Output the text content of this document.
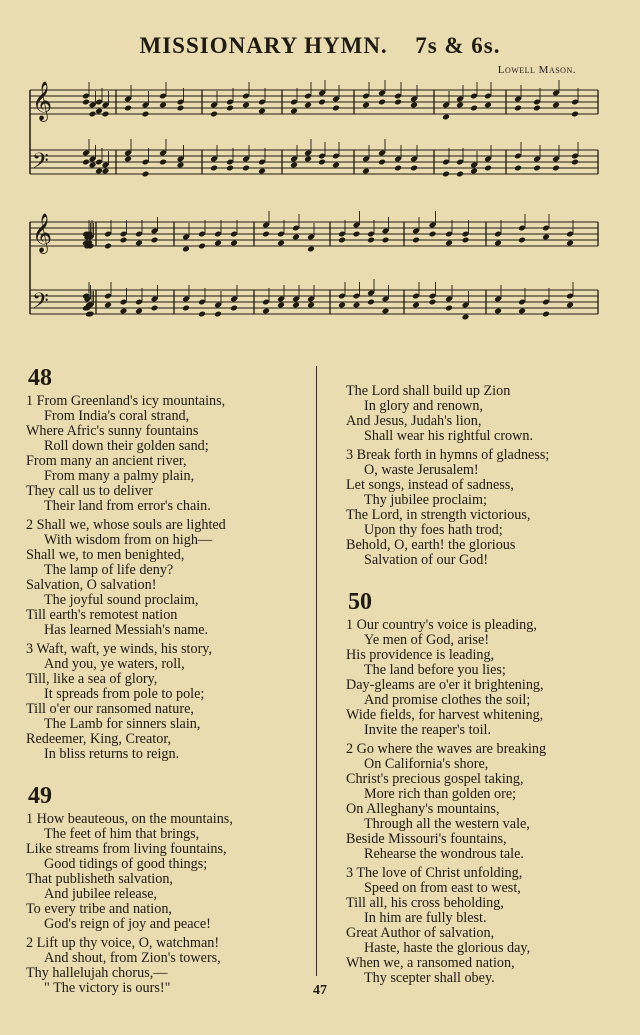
MISSIONARY HYMN. 7s & 6s.
Lowell Mason.
𝄞
𝄢
𝄞
𝄢
48
1 From Greenland's icy mountains,
From India's coral strand,
Where Afric's sunny fountains
Roll down their golden sand;
From many an ancient river,
From many a palmy plain,
They call us to deliver
Their land from error's chain.
2 Shall we, whose souls are lighted
With wisdom from on high—
Shall we, to men benighted,
The lamp of life deny?
Salvation, O salvation!
The joyful sound proclaim,
Till earth's remotest nation
Has learned Messiah's name.
3 Waft, waft, ye winds, his story,
And you, ye waters, roll,
Till, like a sea of glory,
It spreads from pole to pole;
Till o'er our ransomed nature,
The Lamb for sinners slain,
Redeemer, King, Creator,
In bliss returns to reign.
49
1 How beauteous, on the mountains,
The feet of him that brings,
Like streams from living fountains,
Good tidings of good things;
That publisheth salvation,
And jubilee release,
To every tribe and nation,
God's reign of joy and peace!
2 Lift up thy voice, O, watchman!
And shout, from Zion's towers,
Thy hallelujah chorus,—
" The victory is ours!"
The Lord shall build up Zion
In glory and renown,
And Jesus, Judah's lion,
Shall wear his rightful crown.
3 Break forth in hymns of gladness;
O, waste Jerusalem!
Let songs, instead of sadness,
Thy jubilee proclaim;
The Lord, in strength victorious,
Upon thy foes hath trod;
Behold, O, earth! the glorious
Salvation of our God!
50
1 Our country's voice is pleading,
Ye men of God, arise!
His providence is leading,
The land before you lies;
Day-gleams are o'er it brightening,
And promise clothes the soil;
Wide fields, for harvest whitening,
Invite the reaper's toil.
2 Go where the waves are breaking
On California's shore,
Christ's precious gospel taking,
More rich than golden ore;
On Alleghany's mountains,
Through all the western vale,
Beside Missouri's fountains,
Rehearse the wondrous tale.
3 The love of Christ unfolding,
Speed on from east to west,
Till all, his cross beholding,
In him are fully blest.
Great Author of salvation,
Haste, haste the glorious day,
When we, a ransomed nation,
Thy scepter shall obey.
47
